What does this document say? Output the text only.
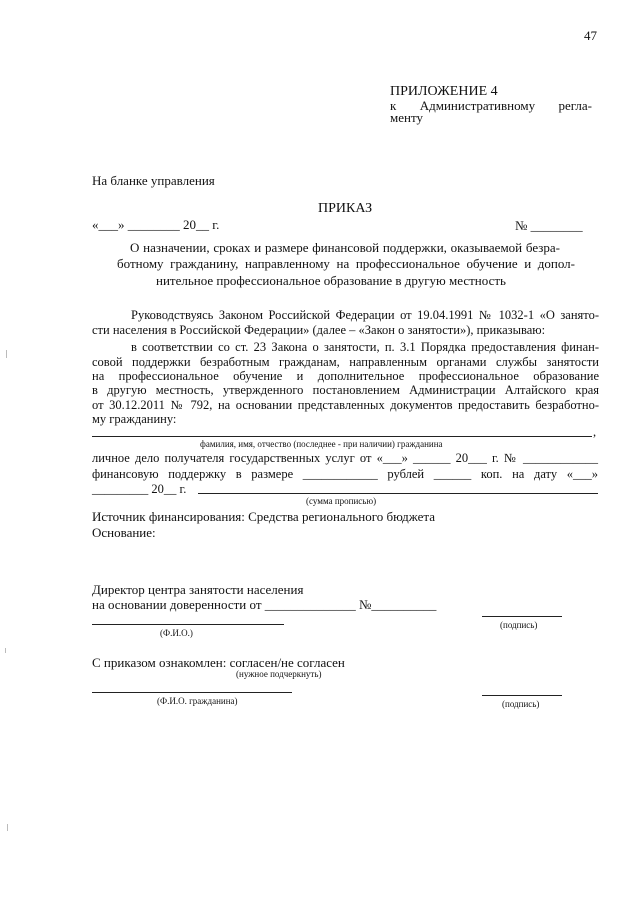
47
ПРИЛОЖЕНИЕ 4
к Административному регла-
менту
На бланке управления
ПРИКАЗ
«___» ________ 20__ г.	№ ________
О назначении, сроках и размере финансовой поддержки, оказываемой безра-
ботному гражданину, направленному на профессиональное обучение и допол-
нительное профессиональное образование в другую местность
Руководствуясь Законом Российской Федерации от 19.04.1991 № 1032-1 «О занято-
сти населения в Российской Федерации» (далее – «Закон о занятости»), приказываю:
в соответствии со ст. 23 Закона о занятости, п. 3.1 Порядка предоставления финан-
совой поддержки безработным гражданам, направленным органами службы занятости
на профессиональное обучение и дополнительное профессиональное образование
в другую местность, утвержденного постановлением Администрации Алтайского края
от 30.12.2011 № 792, на основании представленных документов предоставить безработно-
му гражданину:
,
фамилия, имя, отчество (последнее - при наличии) гражданина
личное дело получателя государственных услуг от «___» ______ 20___ г. № ____________
финансовую поддержку в размере ____________ рублей ______ коп. на дату «___»
_________ 20__ г.
(сумма прописью)
Источник финансирования: Средства регионального бюджета
Основание:
Директор центра занятости населения
на основании доверенности от ______________ №__________
(подпись)
(Ф.И.О.)
С приказом ознакомлен: согласен/не согласен
(нужное подчеркнуть)
(Ф.И.О. гражданина)	(подпись)
